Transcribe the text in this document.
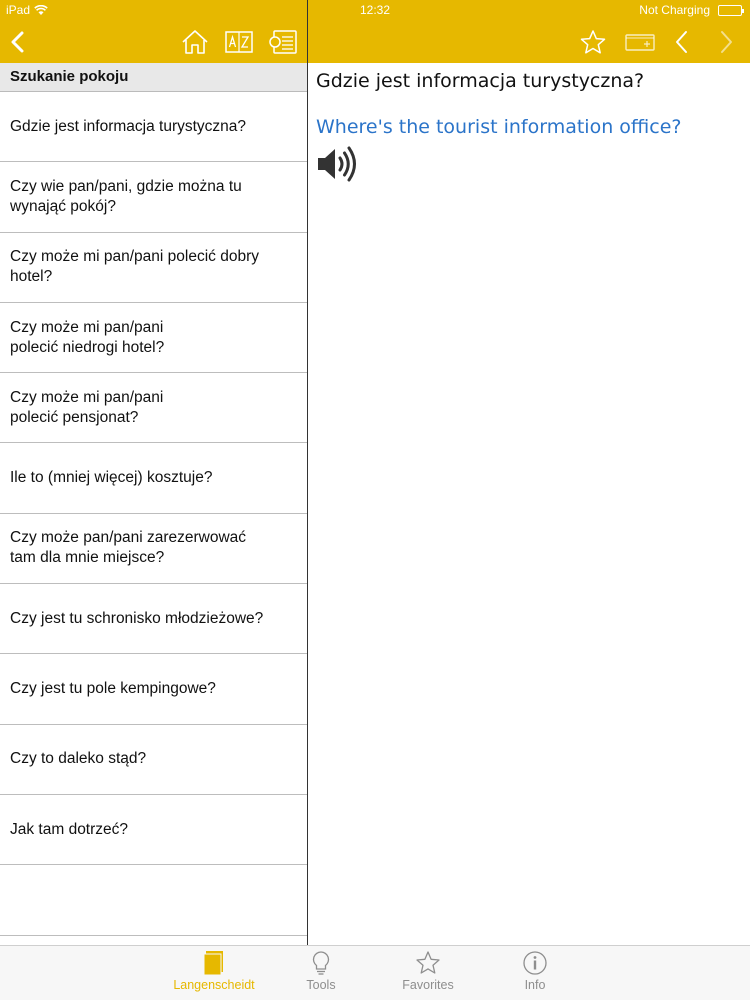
iPad	12:32	Not Charging
Szukanie pokoju
Gdzie jest informacja turystyczna?
Czy wie pan/pani, gdzie można tu
wynająć pokój?
Czy może mi pan/pani polecić dobry
hotel?
Czy może mi pan/pani
polecić niedrogi hotel?
Czy może mi pan/pani
polecić pensjonat?
Ile to (mniej więcej) kosztuje?
Czy może pan/pani zarezerwować
tam dla mnie miejsce?
Czy jest tu schronisko młodzieżowe?
Czy jest tu pole kempingowe?
Czy to daleko stąd?
Jak tam dotrzeć?
Gdzie jest informacja turystyczna?
Where's the tourist information office?
Langenscheidt	Tools	Favorites	Info
